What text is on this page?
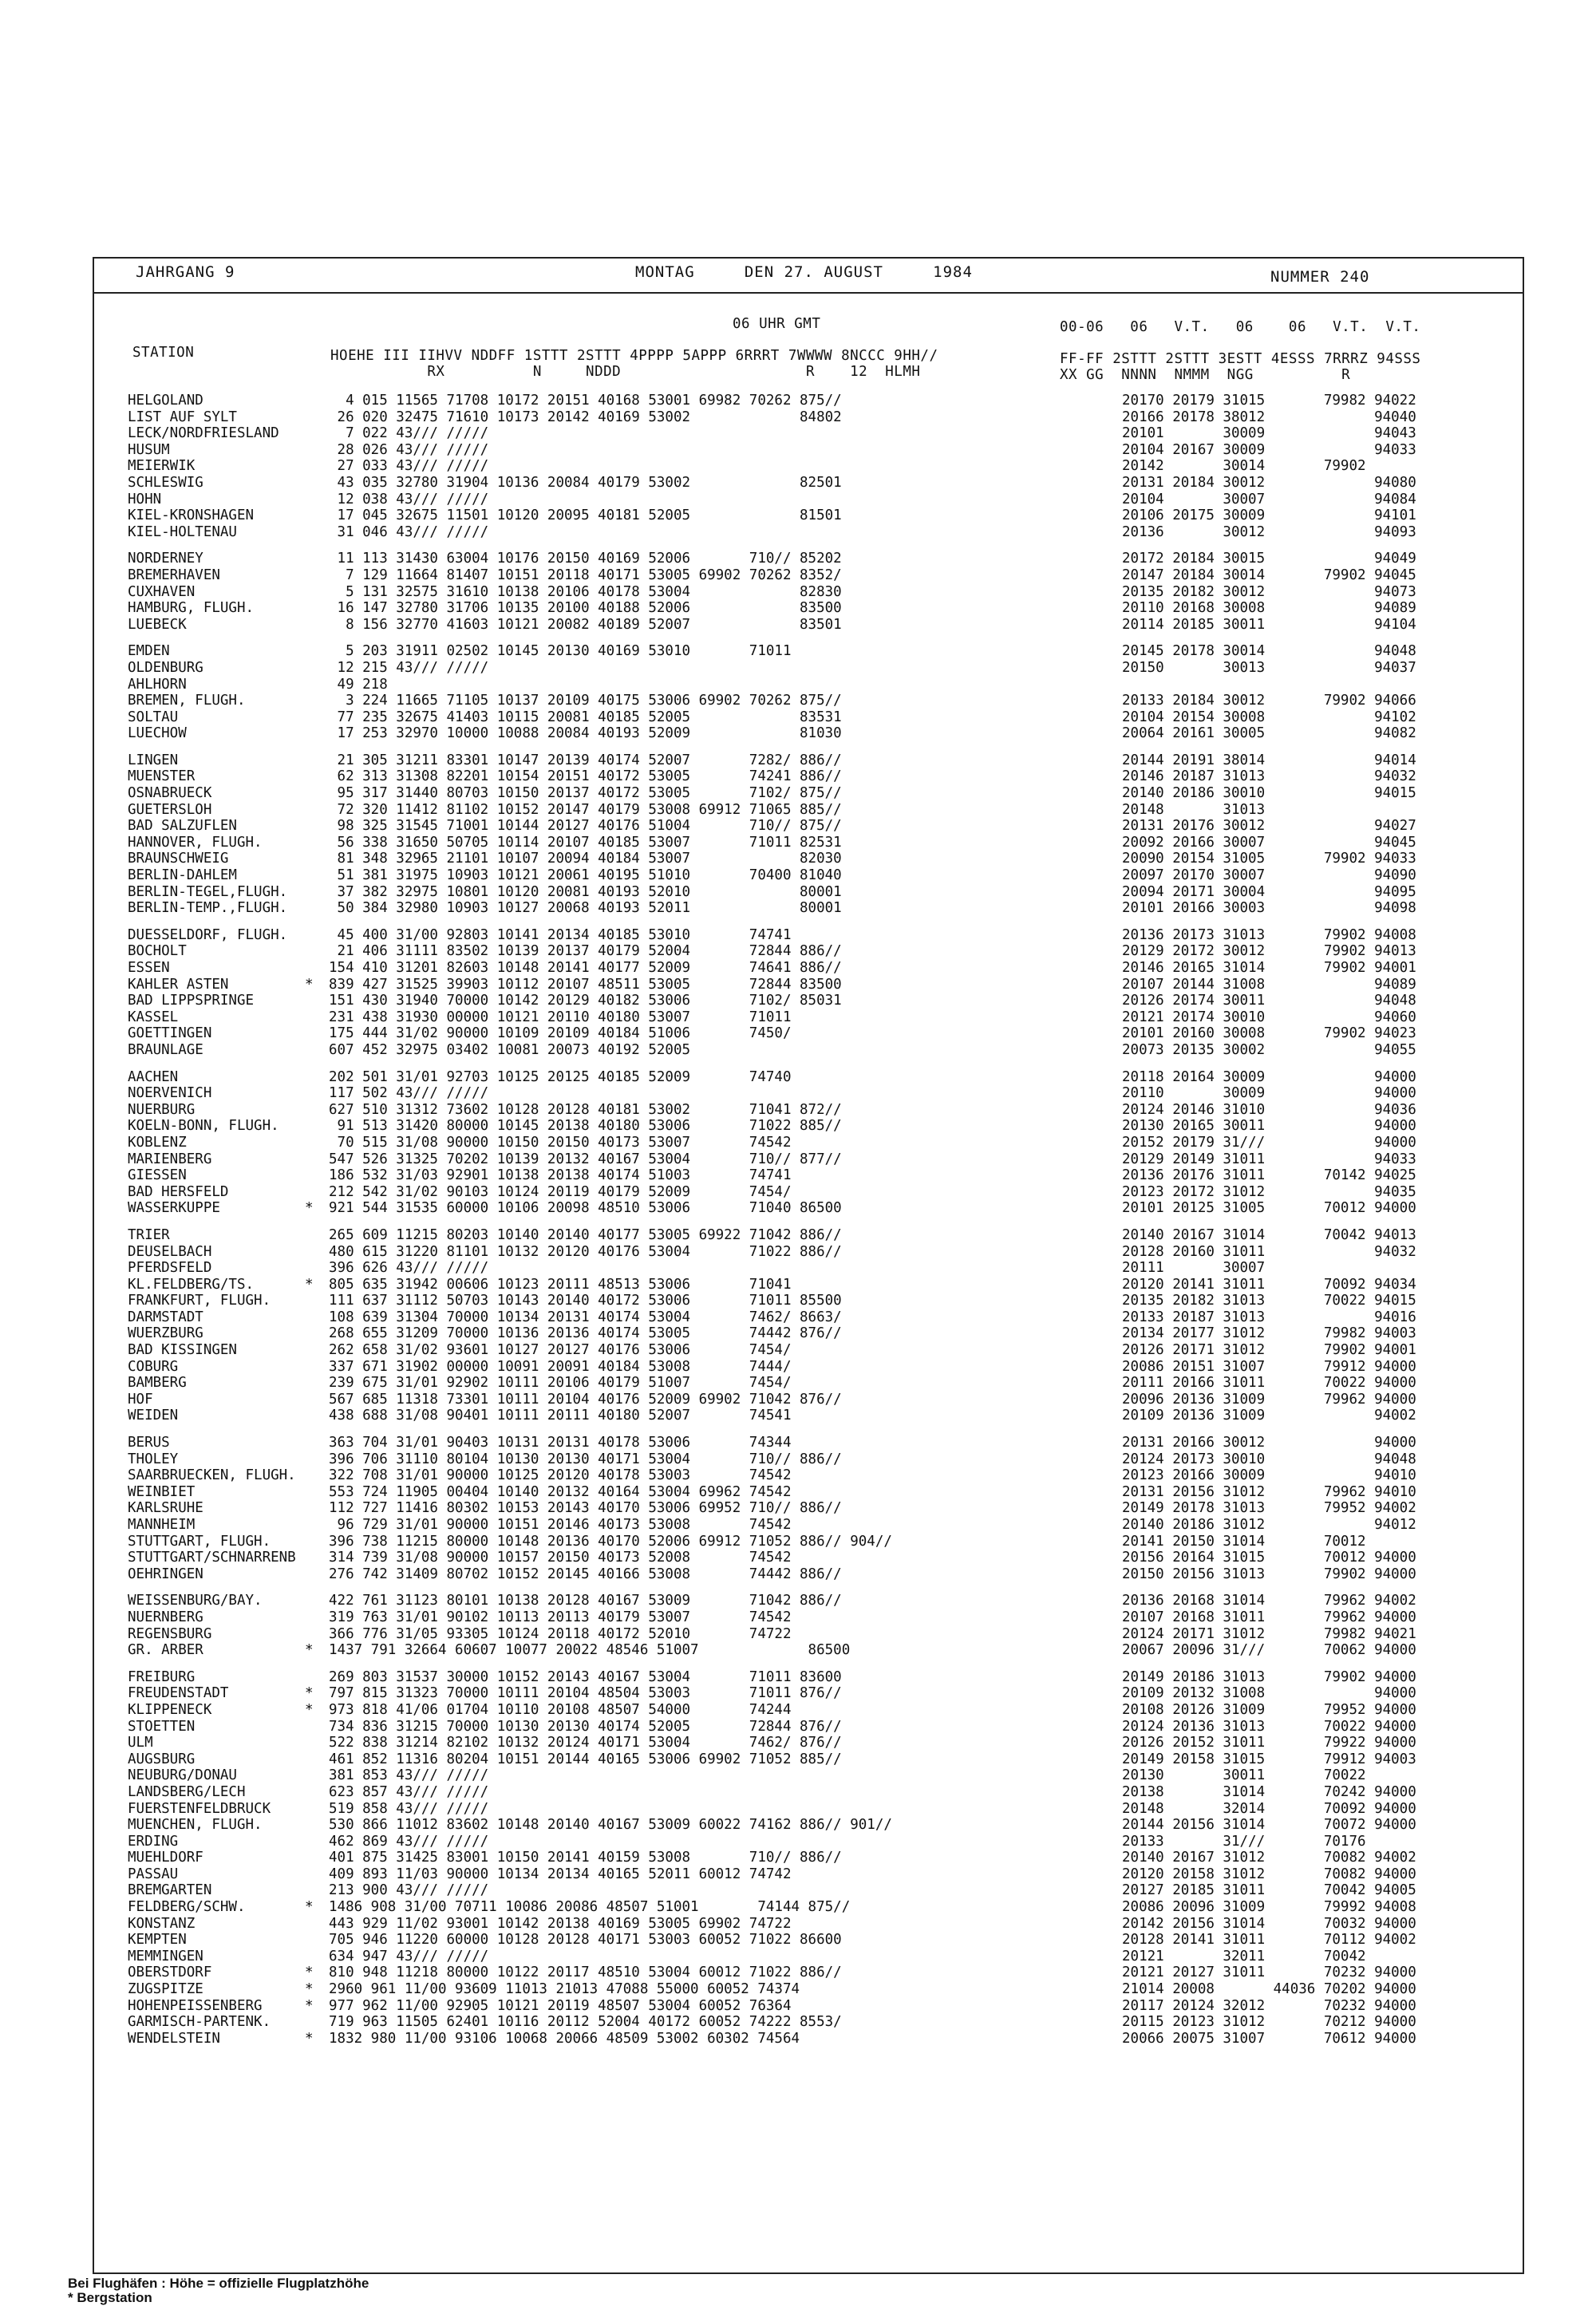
JAHRGANG 9	MONTAG     DEN 27. AUGUST     1984	NUMMER 240
06 UHR GMT
STATION	HOEHE III IIHVV NDDFF 1STTT 2STTT 4PPPP 5APPP 6RRRT 7WWWW 8NCCC 9HH//
RX          N     NDDD                     R    12  HLMH
00-06   06   V.T.   06    06   V.T.  V.T.
FF-FF 2STTT 2STTT 3ESTT 4ESSS 7RRRZ 94SSS
XX GG  NNNN  NMMM  NGG          R
HELGOLAND	4 015 11565 71708 10172 20151 40168 53001 69982 70262 875//	20170 20179 31015       79982 94022
LIST AUF SYLT	26 020 32475 71610 10173 20142 40169 53002             84802	20166 20178 38012             94040
LECK/NORDFRIESLAND	7 022 43/// /////	20101       30009             94043
HUSUM	28 026 43/// /////	20104 20167 30009             94033
MEIERWIK	27 033 43/// /////	20142       30014       79902
SCHLESWIG	43 035 32780 31904 10136 20084 40179 53002             82501	20131 20184 30012             94080
HOHN	12 038 43/// /////	20104       30007             94084
KIEL-KRONSHAGEN	17 045 32675 11501 10120 20095 40181 52005             81501	20106 20175 30009             94101
KIEL-HOLTENAU	31 046 43/// /////	20136       30012             94093
NORDERNEY	11 113 31430 63004 10176 20150 40169 52006       710// 85202	20172 20184 30015             94049
BREMERHAVEN	7 129 11664 81407 10151 20118 40171 53005 69902 70262 8352/	20147 20184 30014       79902 94045
CUXHAVEN	5 131 32575 31610 10138 20106 40178 53004             82830	20135 20182 30012             94073
HAMBURG, FLUGH.	16 147 32780 31706 10135 20100 40188 52006             83500	20110 20168 30008             94089
LUEBECK	8 156 32770 41603 10121 20082 40189 52007             83501	20114 20185 30011             94104
EMDEN	5 203 31911 02502 10145 20130 40169 53010       71011	20145 20178 30014             94048
OLDENBURG	12 215 43/// /////	20150       30013             94037
AHLHORN	49 218
BREMEN, FLUGH.	3 224 11665 71105 10137 20109 40175 53006 69902 70262 875//	20133 20184 30012       79902 94066
SOLTAU	77 235 32675 41403 10115 20081 40185 52005             83531	20104 20154 30008             94102
LUECHOW	17 253 32970 10000 10088 20084 40193 52009             81030	20064 20161 30005             94082
LINGEN	21 305 31211 83301 10147 20139 40174 52007       7282/ 886//	20144 20191 38014             94014
MUENSTER	62 313 31308 82201 10154 20151 40172 53005       74241 886//	20146 20187 31013             94032
OSNABRUECK	95 317 31440 80703 10150 20137 40172 53005       7102/ 875//	20140 20186 30010             94015
GUETERSLOH	72 320 11412 81102 10152 20147 40179 53008 69912 71065 885//	20148       31013
BAD SALZUFLEN	98 325 31545 71001 10144 20127 40176 51004       710// 875//	20131 20176 30012             94027
HANNOVER, FLUGH.	56 338 31650 50705 10114 20107 40185 53007       71011 82531	20092 20166 30007             94045
BRAUNSCHWEIG	81 348 32965 21101 10107 20094 40184 53007             82030	20090 20154 31005       79902 94033
BERLIN-DAHLEM	51 381 31975 10903 10121 20061 40195 51010       70400 81040	20097 20170 30007             94090
BERLIN-TEGEL,FLUGH.	37 382 32975 10801 10120 20081 40193 52010             80001	20094 20171 30004             94095
BERLIN-TEMP.,FLUGH.	50 384 32980 10903 10127 20068 40193 52011             80001	20101 20166 30003             94098
DUESSELDORF, FLUGH.	45 400 31/00 92803 10141 20134 40185 53010       74741	20136 20173 31013       79902 94008
BOCHOLT	21 406 31111 83502 10139 20137 40179 52004       72844 886//	20129 20172 30012       79902 94013
ESSEN	154 410 31201 82603 10148 20141 40177 52009       74641 886//	20146 20165 31014       79902 94001
KAHLER ASTEN	*	839 427 31525 39903 10112 20107 48511 53005       72844 83500	20107 20144 31008             94089
BAD LIPPSPRINGE	151 430 31940 70000 10142 20129 40182 53006       7102/ 85031	20126 20174 30011             94048
KASSEL	231 438 31930 00000 10121 20110 40180 53007       71011	20121 20174 30010             94060
GOETTINGEN	175 444 31/02 90000 10109 20109 40184 51006       7450/	20101 20160 30008       79902 94023
BRAUNLAGE	607 452 32975 03402 10081 20073 40192 52005	20073 20135 30002             94055
AACHEN	202 501 31/01 92703 10125 20125 40185 52009       74740	20118 20164 30009             94000
NOERVENICH	117 502 43/// /////	20110       30009             94000
NUERBURG	627 510 31312 73602 10128 20128 40181 53002       71041 872//	20124 20146 31010             94036
KOELN-BONN, FLUGH.	91 513 31420 80000 10145 20138 40180 53006       71022 885//	20130 20165 30011             94000
KOBLENZ	70 515 31/08 90000 10150 20150 40173 53007       74542	20152 20179 31///             94000
MARIENBERG	547 526 31325 70202 10139 20132 40167 53004       710// 877//	20129 20149 31011             94033
GIESSEN	186 532 31/03 92901 10138 20138 40174 51003       74741	20136 20176 31011       70142 94025
BAD HERSFELD	212 542 31/02 90103 10124 20119 40179 52009       7454/	20123 20172 31012             94035
WASSERKUPPE	*	921 544 31535 60000 10106 20098 48510 53006       71040 86500	20101 20125 31005       70012 94000
TRIER	265 609 11215 80203 10140 20140 40177 53005 69922 71042 886//	20140 20167 31014       70042 94013
DEUSELBACH	480 615 31220 81101 10132 20120 40176 53004       71022 886//	20128 20160 31011             94032
PFERDSFELD	396 626 43/// /////	20111       30007
KL.FELDBERG/TS.	*	805 635 31942 00606 10123 20111 48513 53006       71041	20120 20141 31011       70092 94034
FRANKFURT, FLUGH.	111 637 31112 50703 10143 20140 40172 53006       71011 85500	20135 20182 31013       70022 94015
DARMSTADT	108 639 31304 70000 10134 20131 40174 53004       7462/ 8663/	20133 20187 31013             94016
WUERZBURG	268 655 31209 70000 10136 20136 40174 53005       74442 876//	20134 20177 31012       79982 94003
BAD KISSINGEN	262 658 31/02 93601 10127 20127 40176 53006       7454/	20126 20171 31012       79902 94001
COBURG	337 671 31902 00000 10091 20091 40184 53008       7444/	20086 20151 31007       79912 94000
BAMBERG	239 675 31/01 92902 10111 20106 40179 51007       7454/	20111 20166 31011       70022 94000
HOF	567 685 11318 73301 10111 20104 40176 52009 69902 71042 876//	20096 20136 31009       79962 94000
WEIDEN	438 688 31/08 90401 10111 20111 40180 52007       74541	20109 20136 31009             94002
BERUS	363 704 31/01 90403 10131 20131 40178 53006       74344	20131 20166 30012             94000
THOLEY	396 706 31110 80104 10130 20130 40171 53004       710// 886//	20124 20173 30010             94048
SAARBRUECKEN, FLUGH.	322 708 31/01 90000 10125 20120 40178 53003       74542	20123 20166 30009             94010
WEINBIET	553 724 11905 00404 10140 20132 40164 53004 69962 74542	20131 20156 31012       79962 94010
KARLSRUHE	112 727 11416 80302 10153 20143 40170 53006 69952 710// 886//	20149 20178 31013       79952 94002
MANNHEIM	96 729 31/01 90000 10151 20146 40173 53008       74542	20140 20186 31012             94012
STUTTGART, FLUGH.	396 738 11215 80000 10148 20136 40170 52006 69912 71052 886// 904//	20141 20150 31014       70012
STUTTGART/SCHNARRENB	314 739 31/08 90000 10157 20150 40173 52008       74542	20156 20164 31015       70012 94000
OEHRINGEN	276 742 31409 80702 10152 20145 40166 53008       74442 886//	20150 20156 31013       79902 94000
WEISSENBURG/BAY.	422 761 31123 80101 10138 20128 40167 53009       71042 886//	20136 20168 31014       79962 94002
NUERNBERG	319 763 31/01 90102 10113 20113 40179 53007       74542	20107 20168 31011       79962 94000
REGENSBURG	366 776 31/05 93305 10124 20118 40172 52010       74722	20124 20171 31012       79982 94021
GR. ARBER	*	1437 791 32664 60607 10077 20022 48546 51007             86500	20067 20096 31///       70062 94000
FREIBURG	269 803 31537 30000 10152 20143 40167 53004       71011 83600	20149 20186 31013       79902 94000
FREUDENSTADT	*	797 815 31323 70000 10111 20104 48504 53003       71011 876//	20109 20132 31008             94000
KLIPPENECK	*	973 818 41/06 01704 10110 20108 48507 54000       74244	20108 20126 31009       79952 94000
STOETTEN	734 836 31215 70000 10130 20130 40174 52005       72844 876//	20124 20136 31013       70022 94000
ULM	522 838 31214 82102 10132 20124 40171 53004       7462/ 876//	20126 20152 31011       79922 94000
AUGSBURG	461 852 11316 80204 10151 20144 40165 53006 69902 71052 885//	20149 20158 31015       79912 94003
NEUBURG/DONAU	381 853 43/// /////	20130       30011       70022
LANDSBERG/LECH	623 857 43/// /////	20138       31014       70242 94000
FUERSTENFELDBRUCK	519 858 43/// /////	20148       32014       70092 94000
MUENCHEN, FLUGH.	530 866 11012 83602 10148 20140 40167 53009 60022 74162 886// 901//	20144 20156 31014       70072 94000
ERDING	462 869 43/// /////	20133       31///       70176
MUEHLDORF	401 875 31425 83001 10150 20141 40159 53008       710// 886//	20140 20167 31012       70082 94002
PASSAU	409 893 11/03 90000 10134 20134 40165 52011 60012 74742	20120 20158 31012       70082 94000
BREMGARTEN	213 900 43/// /////	20127 20185 31011       70042 94005
FELDBERG/SCHW.	*	1486 908 31/00 70711 10086 20086 48507 51001       74144 875//	20086 20096 31009       79992 94008
KONSTANZ	443 929 11/02 93001 10142 20138 40169 53005 69902 74722	20142 20156 31014       70032 94000
KEMPTEN	705 946 11220 60000 10128 20128 40171 53003 60052 71022 86600	20128 20141 31011       70112 94002
MEMMINGEN	634 947 43/// /////	20121       32011       70042
OBERSTDORF	*	810 948 11218 80000 10122 20117 48510 53004 60012 71022 886//	20121 20127 31011       70232 94000
ZUGSPITZE	*	2960 961 11/00 93609 11013 21013 47088 55000 60052 74374	21014 20008       44036 70202 94000
HOHENPEISSENBERG	*	977 962 11/00 92905 10121 20119 48507 53004 60052 76364	20117 20124 32012       70232 94000
GARMISCH-PARTENK.	719 963 11505 62401 10116 20112 52004 40172 60052 74222 8553/	20115 20123 31012       70212 94000
WENDELSTEIN	*	1832 980 11/00 93106 10068 20066 48509 53002 60302 74564	20066 20075 31007       70612 94000
Bei Flughäfen : Höhe = offizielle Flugplatzhöhe
* Bergstation
